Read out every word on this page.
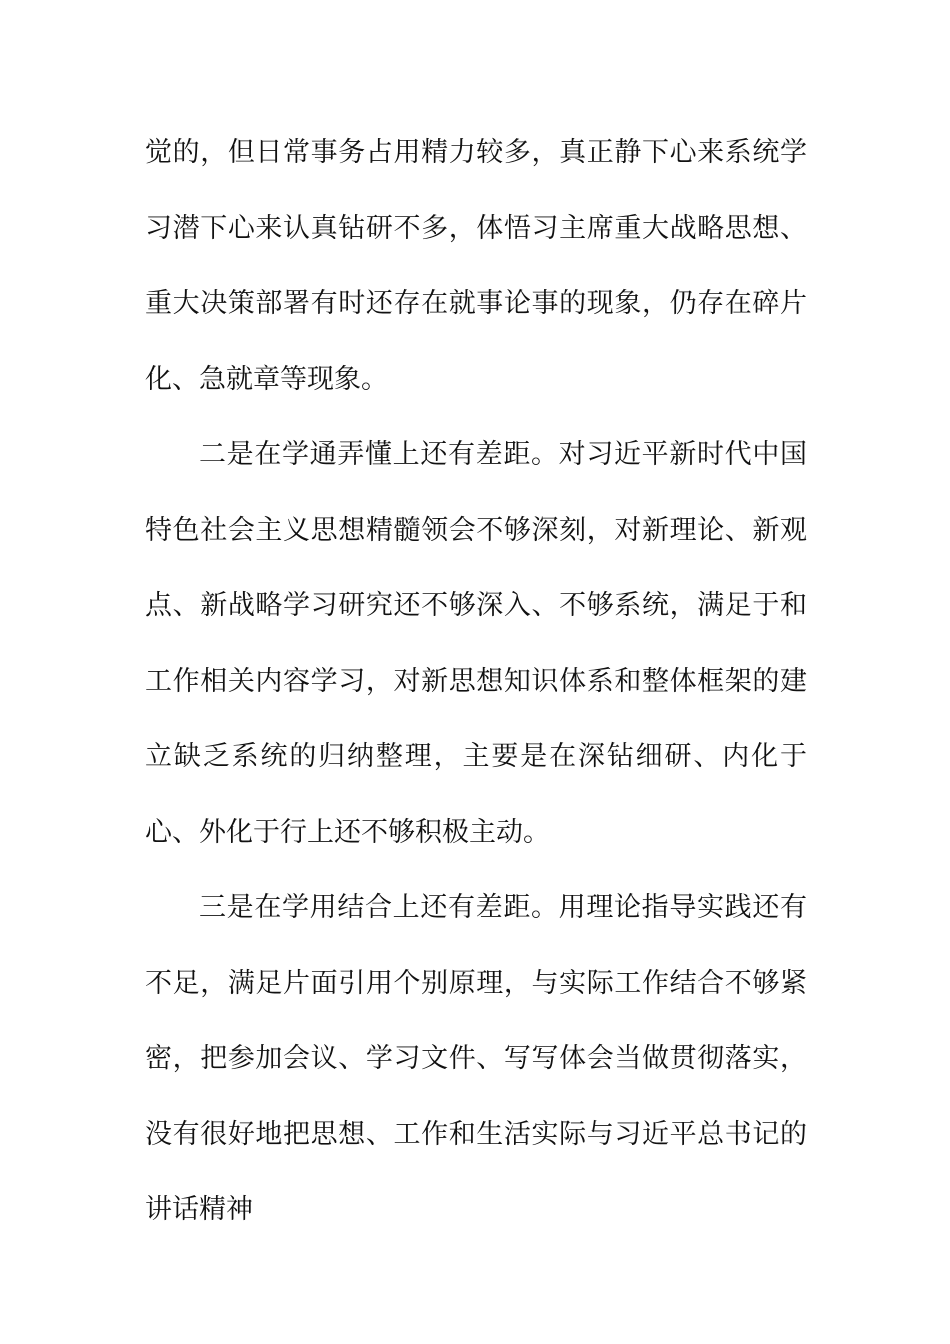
觉的，但日常事务占用精力较多，真正静下心来系统学习潜下心来认真钻研不多，体悟习主席重大战略思想、重大决策部署有时还存在就事论事的现象，仍存在碎片化、急就章等现象。

二是在学通弄懂上还有差距。对习近平新时代中国特色社会主义思想精髓领会不够深刻，对新理论、新观点、新战略学习研究还不够深入、不够系统，满足于和工作相关内容学习，对新思想知识体系和整体框架的建立缺乏系统的归纳整理，主要是在深钻细研、内化于心、外化于行上还不够积极主动。

三是在学用结合上还有差距。用理论指导实践还有不足，满足片面引用个别原理，与实际工作结合不够紧密，把参加会议、学习文件、写写体会当做贯彻落实，没有很好地把思想、工作和生活实际与习近平总书记的讲话精神
